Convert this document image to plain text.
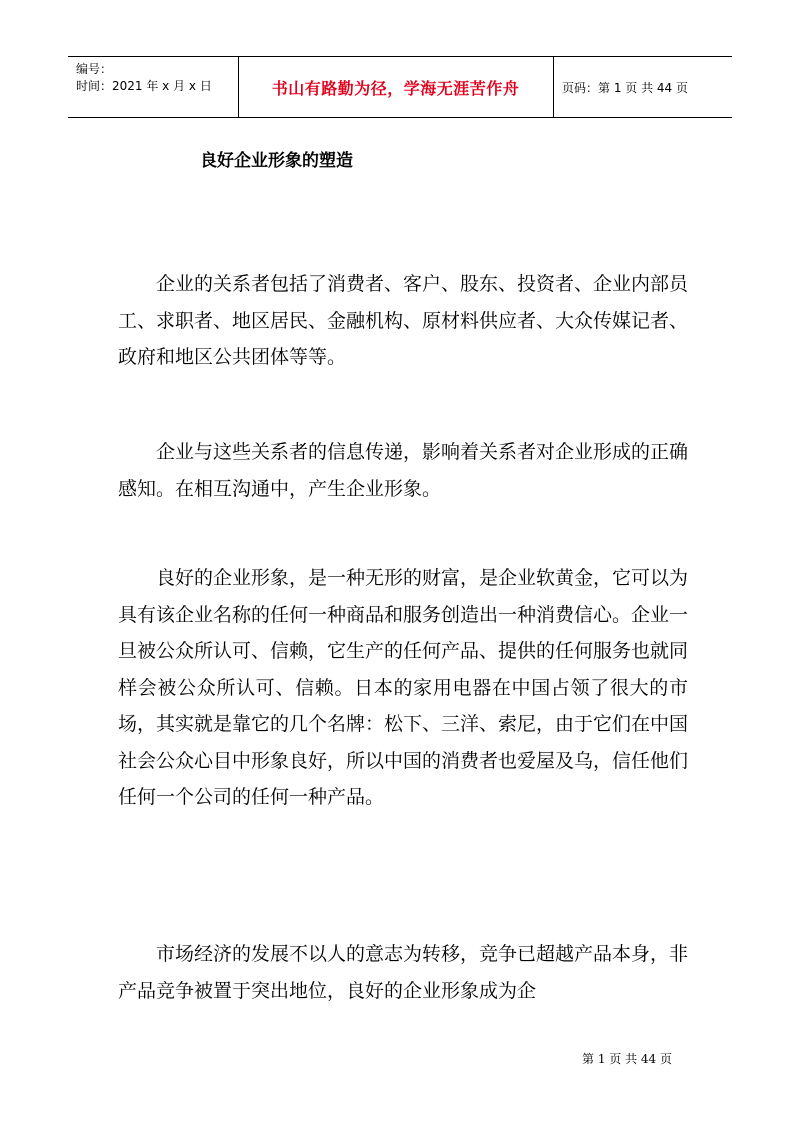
编号：
时间：2021 年 x 月 x 日	书山有路勤为径，学海无涯苦作舟	页码：第 1 页 共 44 页
良好企业形象的塑造

企业的关系者包括了消费者、客户、股东、投资者、企业内部员工、求职者、地区居民、金融机构、原材料供应者、大众传媒记者、政府和地区公共团体等等。

企业与这些关系者的信息传递，影响着关系者对企业形成的正确感知。在相互沟通中，产生企业形象。

良好的企业形象，是一种无形的财富，是企业软黄金，它可以为具有该企业名称的任何一种商品和服务创造出一种消费信心。企业一旦被公众所认可、信赖，它生产的任何产品、提供的任何服务也就同样会被公众所认可、信赖。日本的家用电器在中国占领了很大的市场，其实就是靠它的几个名牌：松下、三洋、索尼，由于它们在中国社会公众心目中形象良好，所以中国的消费者也爱屋及乌，信任他们任何一个公司的任何一种产品。

市场经济的发展不以人的意志为转移，竞争已超越产品本身，非产品竞争被置于突出地位，良好的企业形象成为企

第 1 页 共 44 页
